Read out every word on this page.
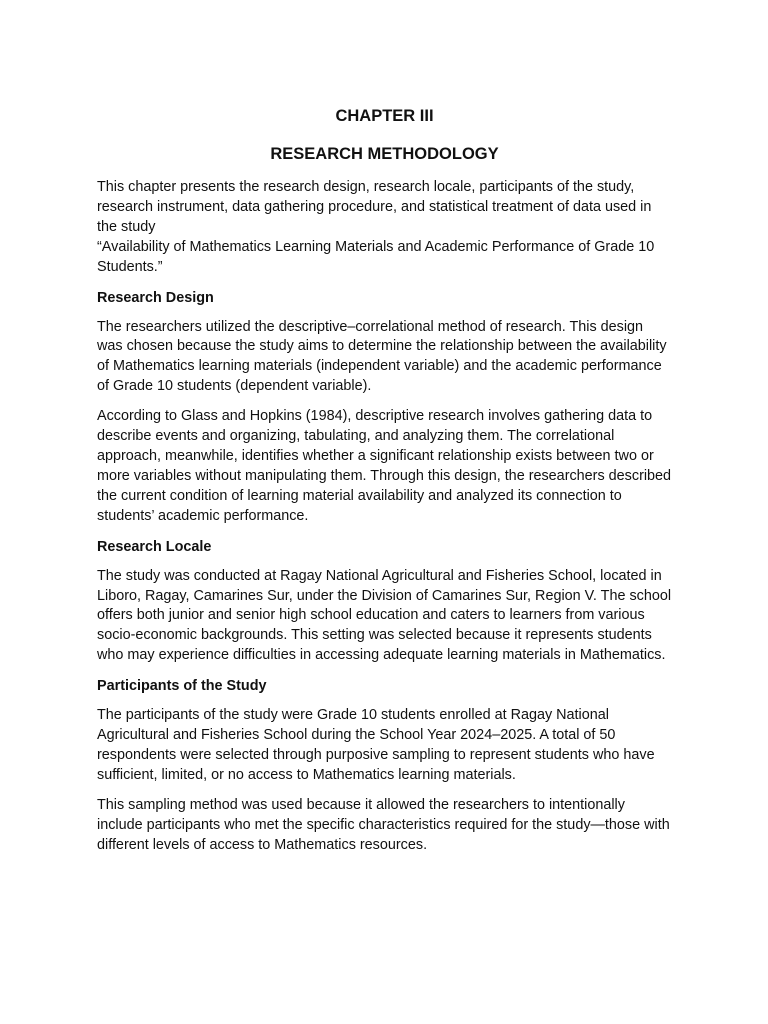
CHAPTER III
RESEARCH METHODOLOGY

This chapter presents the research design, research locale, participants of the study, research instrument, data gathering procedure, and statistical treatment of data used in the study
“Availability of Mathematics Learning Materials and Academic Performance of Grade 10 Students.”

Research Design

The researchers utilized the descriptive–correlational method of research. This design was chosen because the study aims to determine the relationship between the availability of Mathematics learning materials (independent variable) and the academic performance of Grade 10 students (dependent variable).

According to Glass and Hopkins (1984), descriptive research involves gathering data to describe events and organizing, tabulating, and analyzing them. The correlational approach, meanwhile, identifies whether a significant relationship exists between two or more variables without manipulating them. Through this design, the researchers described the current condition of learning material availability and analyzed its connection to students’ academic performance.

Research Locale

The study was conducted at Ragay National Agricultural and Fisheries School, located in Liboro, Ragay, Camarines Sur, under the Division of Camarines Sur, Region V. The school offers both junior and senior high school education and caters to learners from various socio-economic backgrounds. This setting was selected because it represents students who may experience difficulties in accessing adequate learning materials in Mathematics.

Participants of the Study

The participants of the study were Grade 10 students enrolled at Ragay National Agricultural and Fisheries School during the School Year 2024–2025. A total of 50 respondents were selected through purposive sampling to represent students who have sufficient, limited, or no access to Mathematics learning materials.

This sampling method was used because it allowed the researchers to intentionally include participants who met the specific characteristics required for the study—those with different levels of access to Mathematics resources.
